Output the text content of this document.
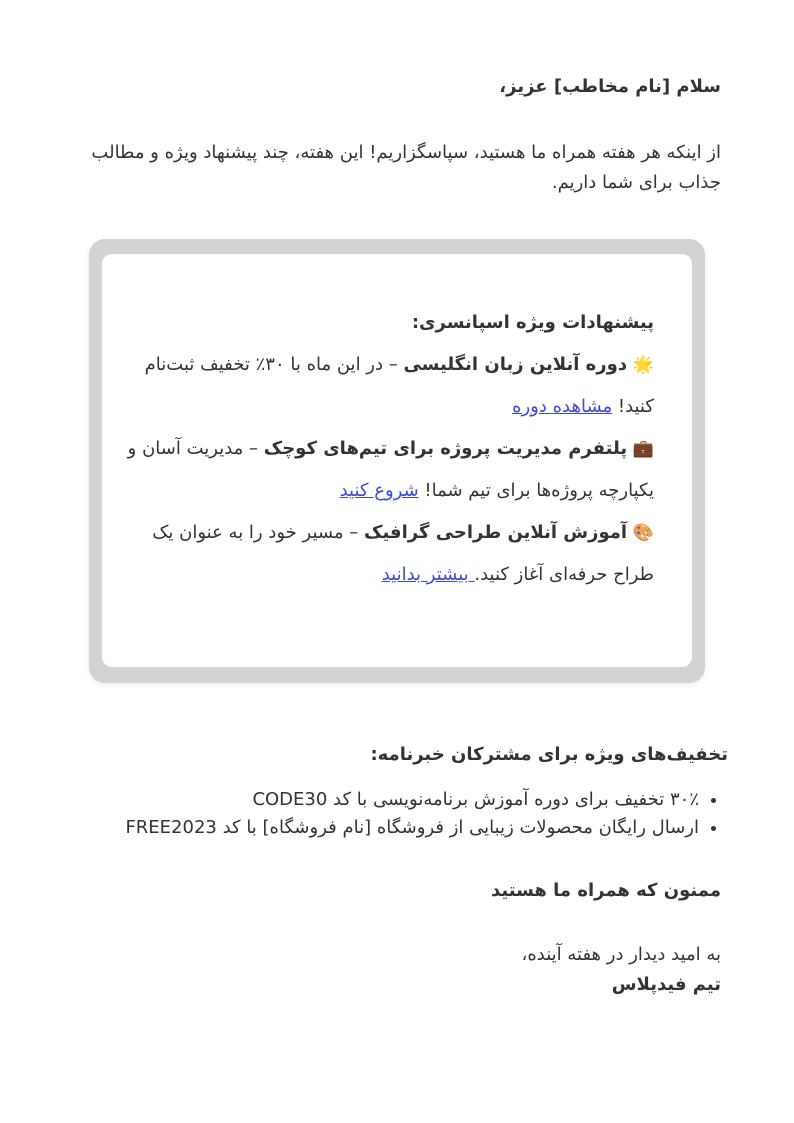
سلام [نام مخاطب] عزیز،
از اینکه هر هفته همراه ما هستید، سپاسگزاریم! این هفته، چند پیشنهاد ویژه و مطالب جذاب برای شما داریم.

پیشنهادات ویژه اسپانسری:

🌟 دوره آنلاین زبان انگلیسی – در این ماه با ۳۰٪ تخفیف ثبت‌نام کنید! مشاهده دوره

💼 پلتفرم مدیریت پروژه برای تیم‌های کوچک – مدیریت آسان و یکپارچه پروژه‌ها برای تیم شما! شروع کنید

🎨 آموزش آنلاین طراحی گرافیک – مسیر خود را به عنوان یک طراح حرفه‌ای آغاز کنید. بیشتر بدانید

تخفیف‌های ویژه برای مشترکان خبرنامه:
• ۳۰٪ تخفیف برای دوره آموزش برنامه‌نویسی با کد CODE30
• ارسال رایگان محصولات زیبایی از فروشگاه [نام فروشگاه] با کد FREE2023
ممنون که همراه ما هستید
به امید دیدار در هفته آینده،
تیم فیدپلاس
